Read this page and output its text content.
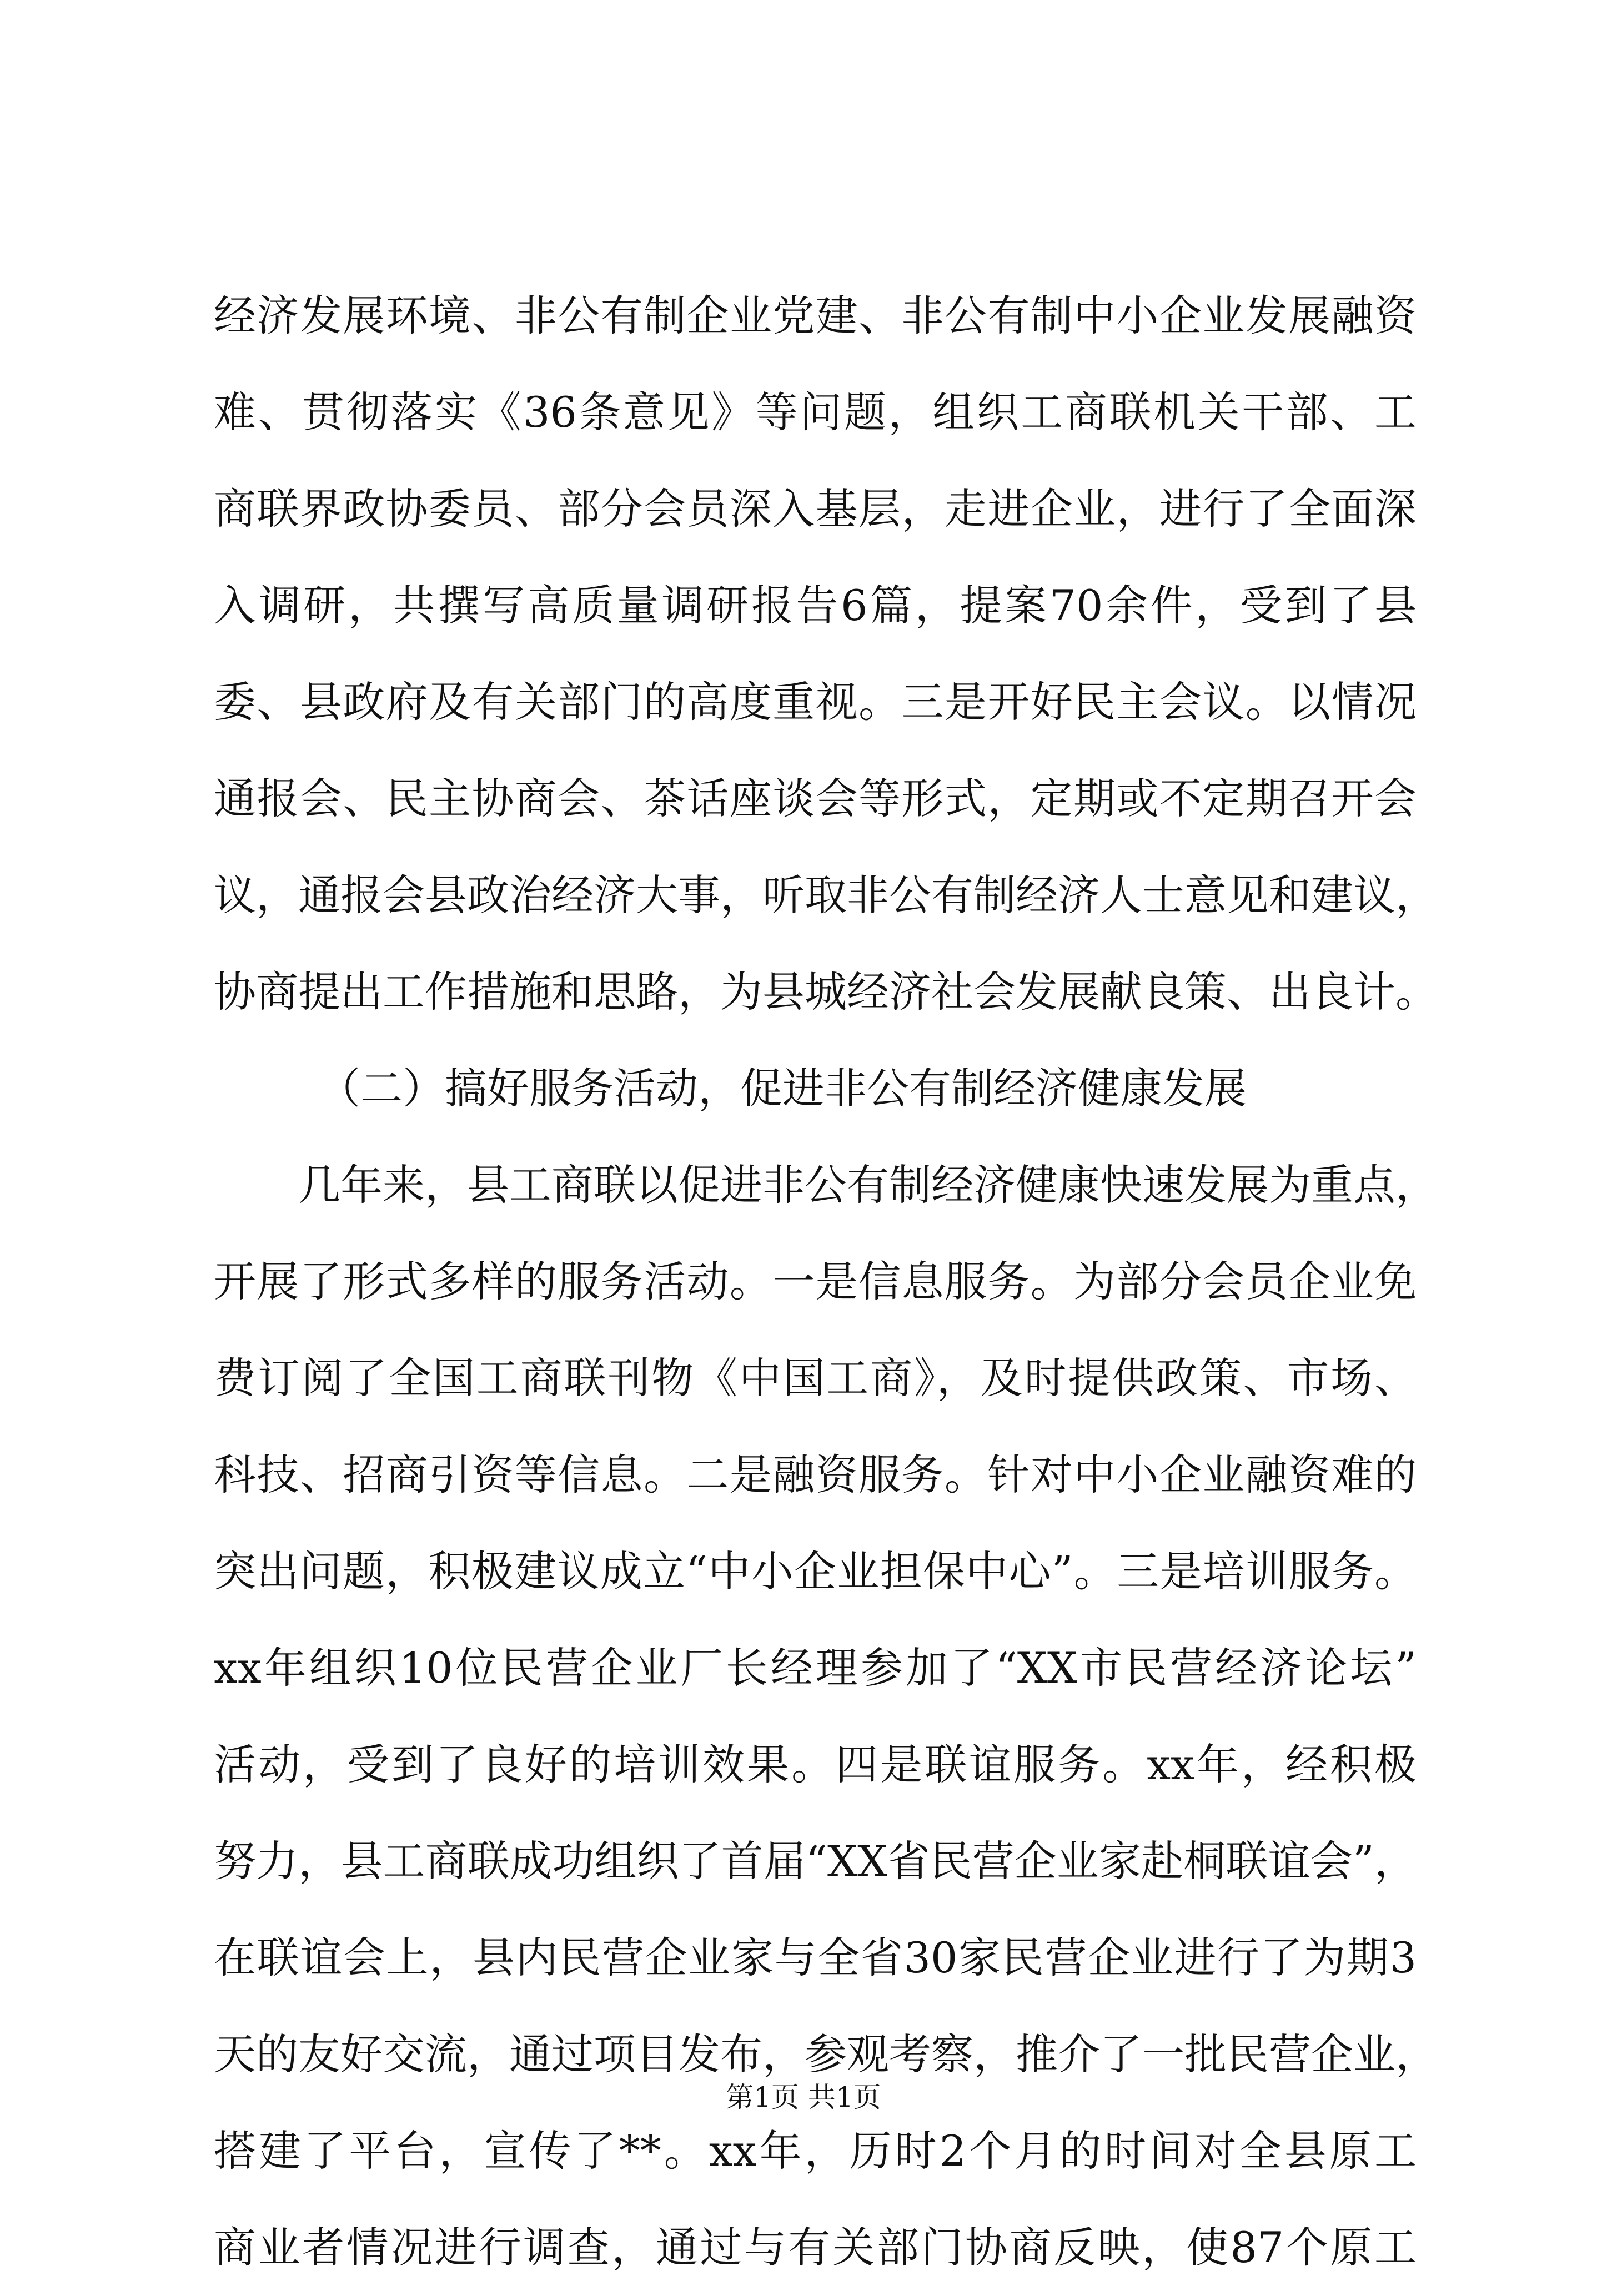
经济发展环境、非公有制企业党建、非公有制中小企业发展融资
难、贯彻落实《36条意见》等问题，组织工商联机关干部、工
商联界政协委员、部分会员深入基层，走进企业，进行了全面深
入调研，共撰写高质量调研报告6篇，提案70余件，受到了县
委、县政府及有关部门的高度重视。三是开好民主会议。以情况
通报会、民主协商会、茶话座谈会等形式，定期或不定期召开会
议，通报会县政治经济大事，听取非公有制经济人士意见和建议，
协商提出工作措施和思路，为县城经济社会发展献良策、出良计。
（二）搞好服务活动，促进非公有制经济健康发展
几年来，县工商联以促进非公有制经济健康快速发展为重点，
开展了形式多样的服务活动。一是信息服务。为部分会员企业免
费订阅了全国工商联刊物《中国工商》，及时提供政策、市场、
科技、招商引资等信息。二是融资服务。针对中小企业融资难的
突出问题，积极建议成立“中小企业担保中心”。三是培训服务。
xx年组织10位民营企业厂长经理参加了“XX市民营经济论坛”
活动，受到了良好的培训效果。四是联谊服务。xx年，经积极
努力，县工商联成功组织了首届“XX省民营企业家赴桐联谊会”，
在联谊会上，县内民营企业家与全省30家民营企业进行了为期3
天的友好交流，通过项目发布，参观考察，推介了一批民营企业，
搭建了平台，宣传了**。xx年，历时2个月的时间对全县原工
商业者情况进行调查，通过与有关部门协商反映，使87个原工
第1页 共1页
